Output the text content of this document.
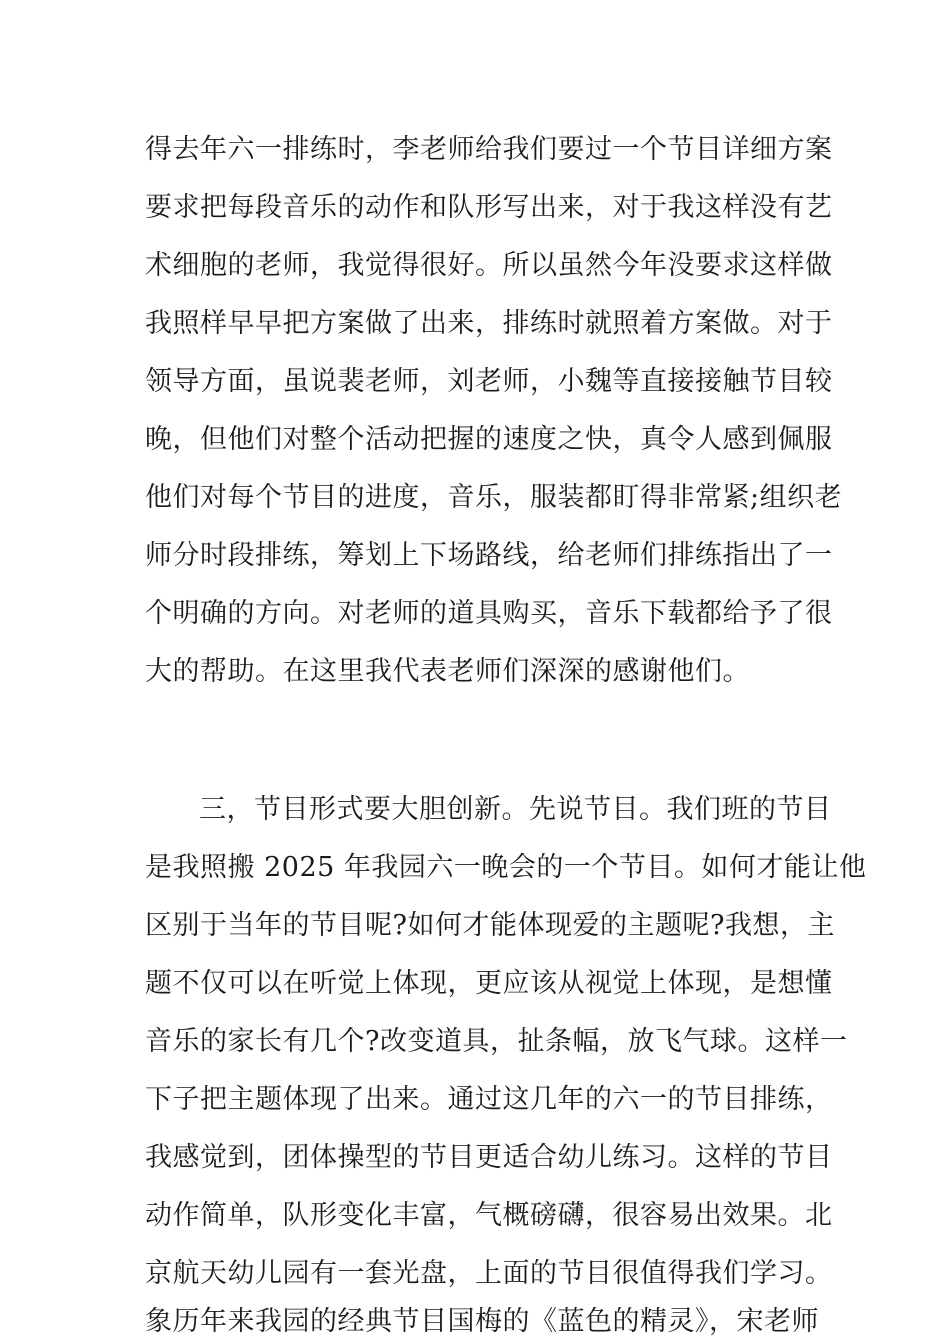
得去年六一排练时，李老师给我们要过一个节目详细方案

要求把每段音乐的动作和队形写出来，对于我这样没有艺

术细胞的老师，我觉得很好。所以虽然今年没要求这样做

我照样早早把方案做了出来，排练时就照着方案做。对于

领导方面，虽说裴老师，刘老师，小魏等直接接触节目较

晚，但他们对整个活动把握的速度之快，真令人感到佩服

他们对每个节目的进度，音乐，服装都盯得非常紧;组织老

师分时段排练，筹划上下场路线，给老师们排练指出了一

个明确的方向。对老师的道具购买，音乐下载都给予了很

大的帮助。在这里我代表老师们深深的感谢他们。

三，节目形式要大胆创新。先说节目。我们班的节目

是我照搬 2025 年我园六一晚会的一个节目。如何才能让他

区别于当年的节目呢?如何才能体现爱的主题呢?我想，主

题不仅可以在听觉上体现，更应该从视觉上体现，是想懂

音乐的家长有几个?改变道具，扯条幅，放飞气球。这样一

下子把主题体现了出来。通过这几年的六一的节目排练，

我感觉到，团体操型的节目更适合幼儿练习。这样的节目

动作简单，队形变化丰富，气概磅礴，很容易出效果。北

京航天幼儿园有一套光盘，上面的节目很值得我们学习。

象历年来我园的经典节目国梅的《蓝色的精灵》，宋老师
